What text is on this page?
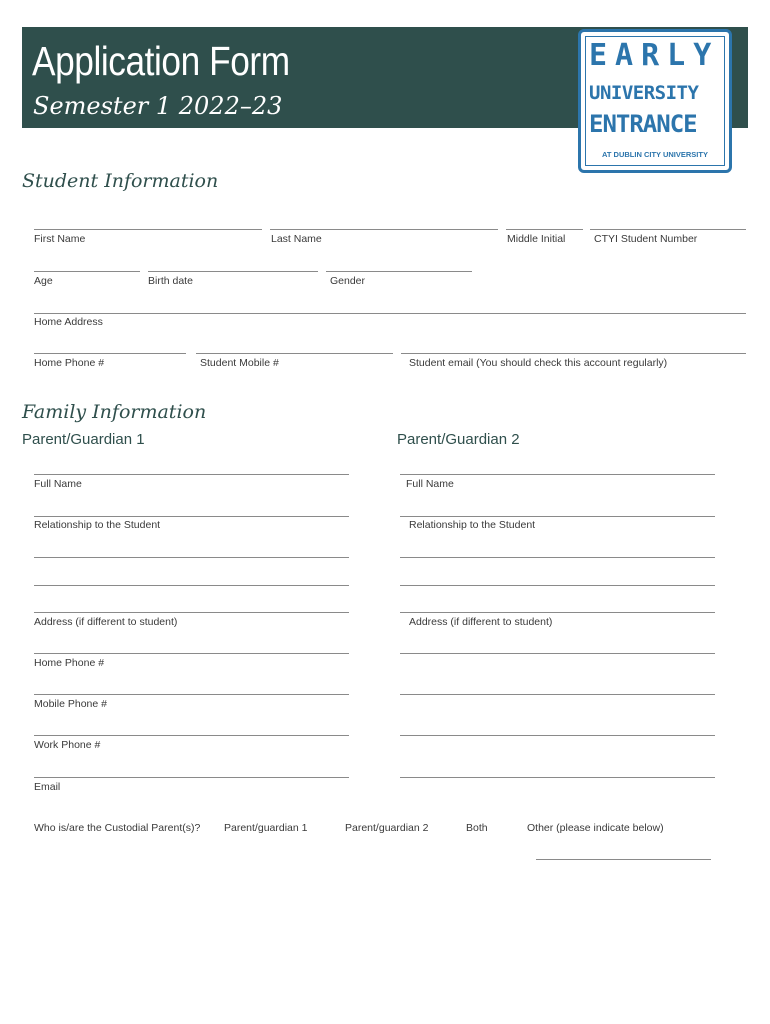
Application Form
Semester 1 2022–23
EARLY
UNIVERSITY
ENTRANCE
AT DUBLIN CITY UNIVERSITY
Student Information
First Name	Last Name	Middle Initial	CTYI Student Number
Age	Birth date	Gender
Home Address
Home Phone #	Student Mobile #	Student email (You should check this account regularly)
Family Information
Parent/Guardian 1	Parent/Guardian 2
Full Name
Relationship to the Student
Address (if different to student)
Home Phone #
Mobile Phone #
Work Phone #
Email
Full Name
Relationship to the Student
Address (if different to student)
Who is/are the Custodial Parent(s)? Parent/guardian 1	Parent/guardian 2	Both	Other (please indicate below)
